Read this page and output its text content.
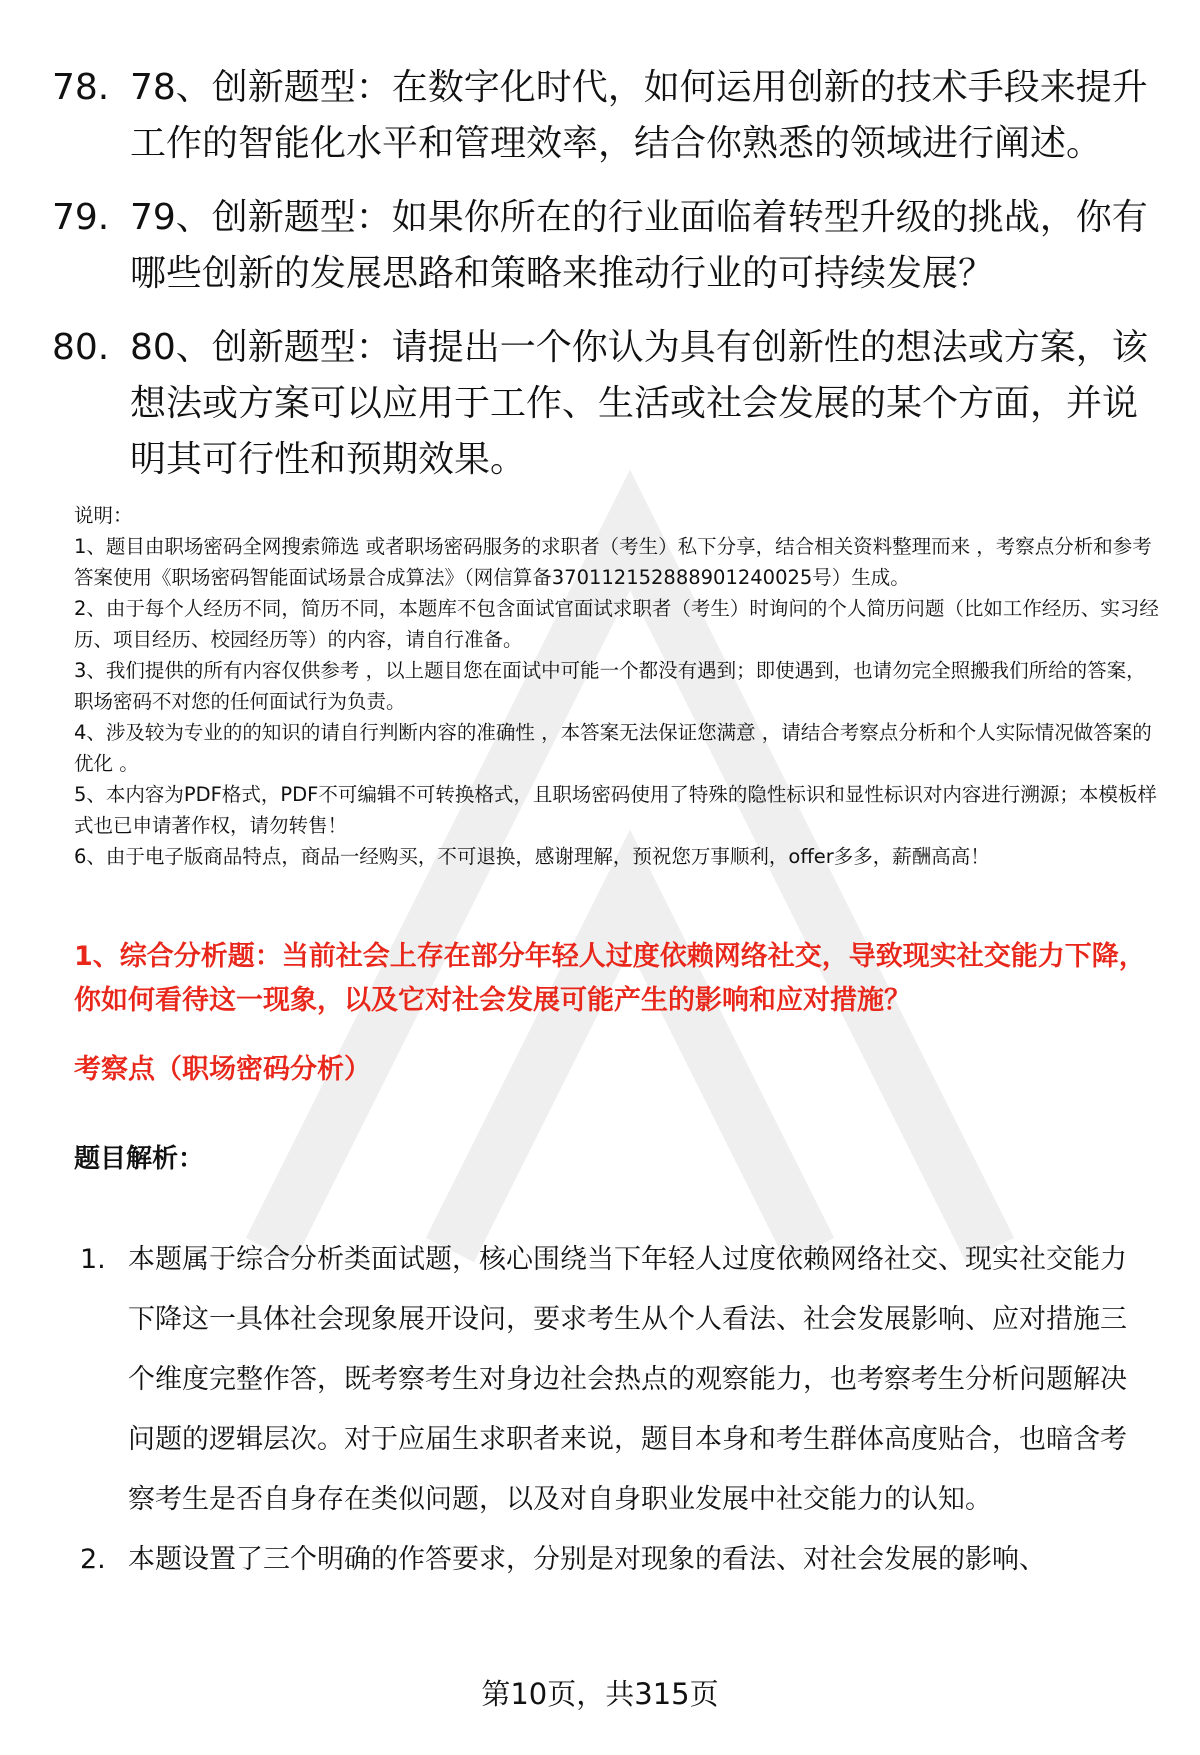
78. 78、创新题型：在数字化时代，如何运用创新的技术手段来提升工作的智能化水平和管理效率，结合你熟悉的领域进行阐述。
79. 79、创新题型：如果你所在的行业面临着转型升级的挑战，你有哪些创新的发展思路和策略来推动行业的可持续发展？
80. 80、创新题型：请提出一个你认为具有创新性的想法或方案，该想法或方案可以应用于工作、生活或社会发展的某个方面，并说明其可行性和预期效果。
说明：
1、题目由职场密码全网搜索筛选 或者职场密码服务的求职者（考生）私下分享，结合相关资料整理而来 ，考察点分析和参考答案使用《职场密码智能面试场景合成算法》（网信算备370112152888901240025号）生成。
2、由于每个人经历不同，简历不同，本题库不包含面试官面试求职者（考生）时询问的个人简历问题（比如工作经历、实习经历、项目经历、校园经历等）的内容，请自行准备。
3、我们提供的所有内容仅供参考 ，以上题目您在面试中可能一个都没有遇到；即使遇到，也请勿完全照搬我们所给的答案，职场密码不对您的任何面试行为负责。
4、涉及较为专业的的知识的请自行判断内容的准确性 ，本答案无法保证您满意 ，请结合考察点分析和个人实际情况做答案的优化 。
5、本内容为PDF格式，PDF不可编辑不可转换格式，且职场密码使用了特殊的隐性标识和显性标识对内容进行溯源；本模板样式也已申请著作权，请勿转售！
6、由于电子版商品特点，商品一经购买，不可退换，感谢理解，预祝您万事顺利，offer多多，薪酬高高！
1、综合分析题：当前社会上存在部分年轻人过度依赖网络社交，导致现实社交能力下降，你如何看待这一现象，以及它对社会发展可能产生的影响和应对措施？
考察点（职场密码分析）
题目解析：
1. 本题属于综合分析类面试题，核心围绕当下年轻人过度依赖网络社交、现实社交能力下降这一具体社会现象展开设问，要求考生从个人看法、社会发展影响、应对措施三个维度完整作答，既考察考生对身边社会热点的观察能力，也考察考生分析问题解决问题的逻辑层次。对于应届生求职者来说，题目本身和考生群体高度贴合，也暗含考察考生是否自身存在类似问题，以及对自身职业发展中社交能力的认知。
2. 本题设置了三个明确的作答要求，分别是对现象的看法、对社会发展的影响、
第10页，共315页
